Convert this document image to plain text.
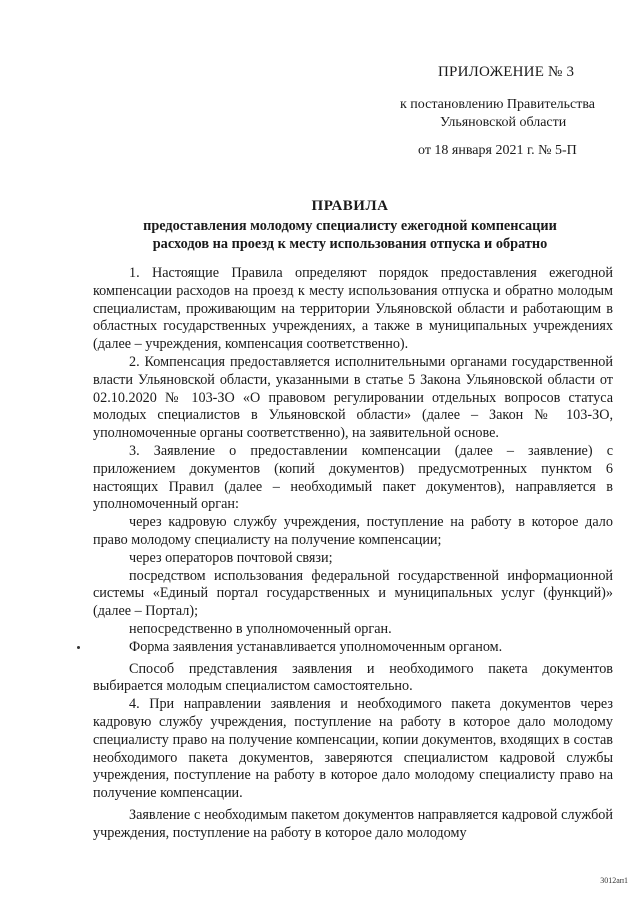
ПРИЛОЖЕНИЕ № 3
к постановлению Правительства
Ульяновской области
от 18 января 2021 г. № 5-П
ПРАВИЛА
предоставления молодому специалисту ежегодной компенсации
расходов на проезд к месту использования отпуска и обратно

1. Настоящие Правила определяют порядок предоставления ежегодной компенсации расходов на проезд к месту использования отпуска и обратно молодым специалистам, проживающим на территории Ульяновской области и работающим в областных государственных учреждениях, а также в муниципальных учреждениях (далее – учреждения, компенсация соответственно).

2. Компенсация предоставляется исполнительными органами государственной власти Ульяновской области, указанными в статье 5 Закона Ульяновской области от 02.10.2020 № 103-ЗО «О правовом регулировании отдельных вопросов статуса молодых специалистов в Ульяновской области» (далее – Закон № 103-ЗО, уполномоченные органы соответственно), на заявительной основе.

3. Заявление о предоставлении компенсации (далее – заявление) с приложением документов (копий документов) предусмотренных пунктом 6 настоящих Правил (далее – необходимый пакет документов), направляется в уполномоченный орган:

через кадровую службу учреждения, поступление на работу в которое дало право молодому специалисту на получение компенсации;

через операторов почтовой связи;

посредством использования федеральной государственной информационной системы «Единый портал государственных и муниципальных услуг (функций)» (далее – Портал);

непосредственно в уполномоченный орган.

Форма заявления устанавливается уполномоченным органом.

Способ представления заявления и необходимого пакета документов выбирается молодым специалистом самостоятельно.

4. При направлении заявления и необходимого пакета документов через кадровую службу учреждения, поступление на работу в которое дало молодому специалисту право на получение компенсации, копии документов, входящих в состав необходимого пакета документов, заверяются специалистом кадровой службы учреждения, поступление на работу в которое дало молодому специалисту право на получение компенсации.

Заявление с необходимым пакетом документов направляется кадровой службой учреждения, поступление на работу в которое дало молодому

3012ап1
